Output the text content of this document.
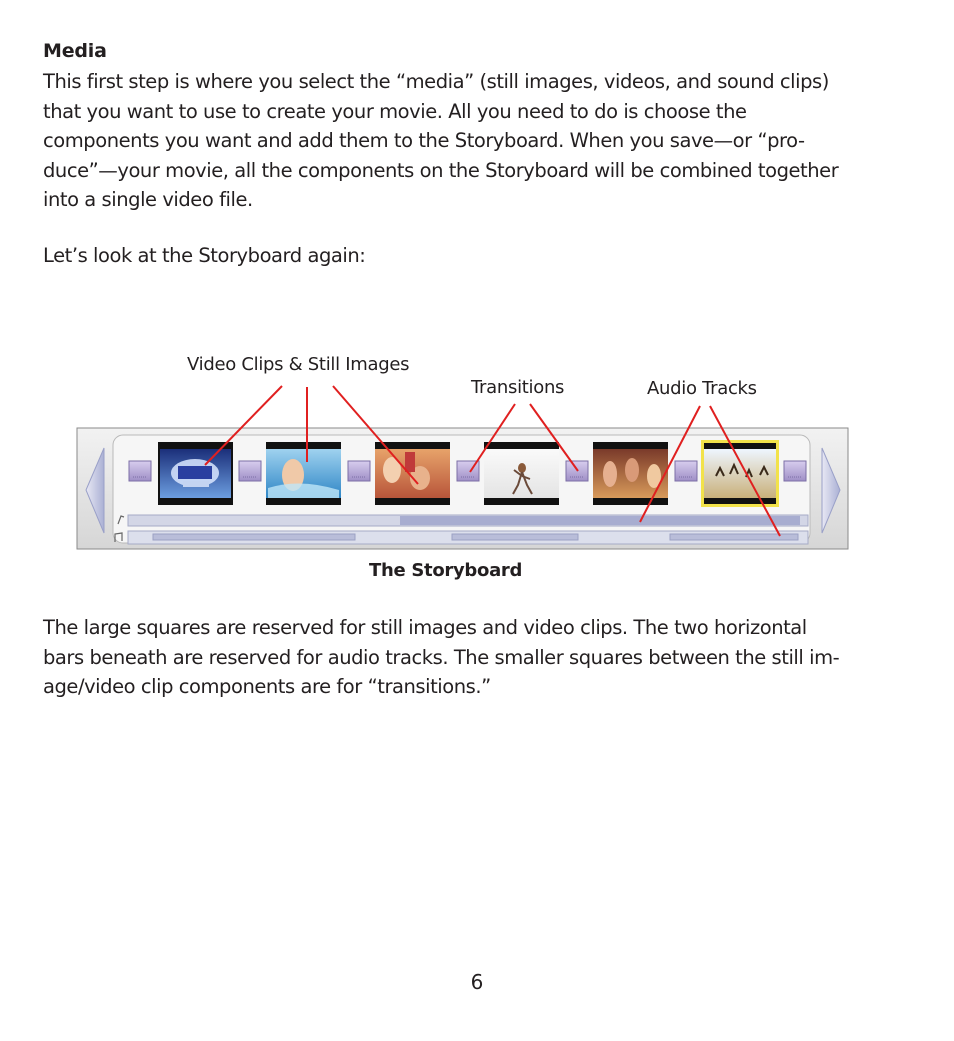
Media
This first step is where you select the “media” (still images, videos, and sound clips)
that you want to use to create your movie. All you need to do is choose the
components you want and add them to the Storyboard. When you save—or “pro-
duce”—your movie, all the components on the Storyboard will be combined together
into a single video file.
Let’s look at the Storyboard again:
Video Clips & Still Images
Transitions	Audio Tracks
The Storyboard
The large squares are reserved for still images and video clips. The two horizontal
bars beneath are reserved for audio tracks. The smaller squares between the still im-
age/video clip components are for “transitions.”
6
